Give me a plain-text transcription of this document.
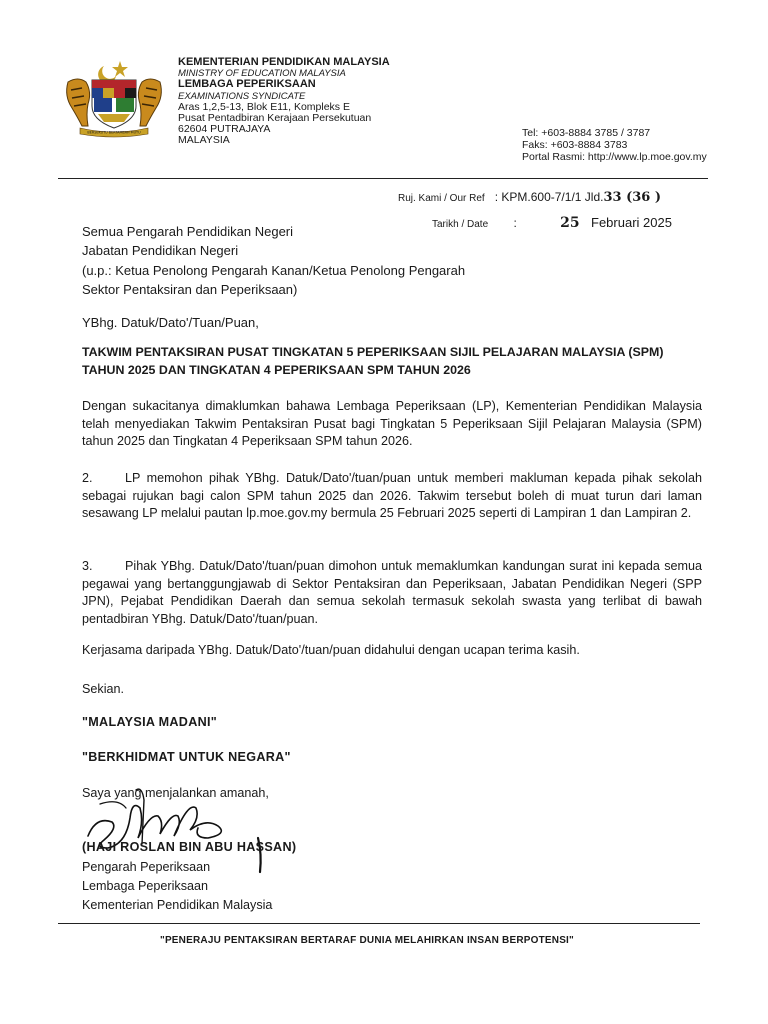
BERSEKUTU BERTAMBAH MUTU
KEMENTERIAN PENDIDIKAN MALAYSIA
MINISTRY OF EDUCATION MALAYSIA
LEMBAGA PEPERIKSAAN
EXAMINATIONS SYNDICATE
Aras 1,2,5-13, Blok E11, Kompleks E
Pusat Pentadbiran Kerajaan Persekutuan
62604 PUTRAJAYA
MALAYSIA
Tel: +603-8884 3785 / 3787
Faks: +603-8884 3783
Portal Rasmi: http://www.lp.moe.gov.my
Ruj. Kami / Our Ref   : KPM.600-7/1/1 Jld.33 (36 )
Tarikh / Date :	25 Februari 2025
Semua Pengarah Pendidikan Negeri
Jabatan Pendidikan Negeri
(u.p.: Ketua Penolong Pengarah Kanan/Ketua Penolong Pengarah
Sektor Pentaksiran dan Peperiksaan)
YBhg. Datuk/Dato'/Tuan/Puan,
TAKWIM PENTAKSIRAN PUSAT TINGKATAN 5 PEPERIKSAAN SIJIL PELAJARAN MALAYSIA (SPM) TAHUN 2025 DAN TINGKATAN 4 PEPERIKSAAN SPM TAHUN 2026
Dengan sukacitanya dimaklumkan bahawa Lembaga Peperiksaan (LP), Kementerian Pendidikan Malaysia telah menyediakan Takwim Pentaksiran Pusat bagi Tingkatan 5 Peperiksaan Sijil Pelajaran Malaysia (SPM) tahun 2025 dan Tingkatan 4 Peperiksaan SPM tahun 2026.
2.	LP memohon pihak YBhg. Datuk/Dato'/tuan/puan untuk memberi makluman kepada pihak sekolah sebagai rujukan bagi calon SPM tahun 2025 dan 2026. Takwim tersebut boleh di muat turun dari laman sesawang LP melalui pautan lp.moe.gov.my bermula 25 Februari 2025 seperti di Lampiran 1 dan Lampiran 2.
3.	Pihak YBhg. Datuk/Dato'/tuan/puan dimohon untuk memaklumkan kandungan surat ini kepada semua pegawai yang bertanggungjawab di Sektor Pentaksiran dan Peperiksaan, Jabatan Pendidikan Negeri (SPP JPN), Pejabat Pendidikan Daerah dan semua sekolah termasuk sekolah swasta yang terlibat di bawah pentadbiran YBhg. Datuk/Dato'/tuan/puan.
Kerjasama daripada YBhg. Datuk/Dato'/tuan/puan didahului dengan ucapan terima kasih.
Sekian.
"MALAYSIA MADANI"
"BERKHIDMAT UNTUK NEGARA"
Saya yang menjalankan amanah,
(HAJI ROSLAN BIN ABU HASSAN)
Pengarah Peperiksaan
Lembaga Peperiksaan
Kementerian Pendidikan Malaysia
"PENERAJU PENTAKSIRAN BERTARAF DUNIA MELAHIRKAN INSAN BERPOTENSI"
